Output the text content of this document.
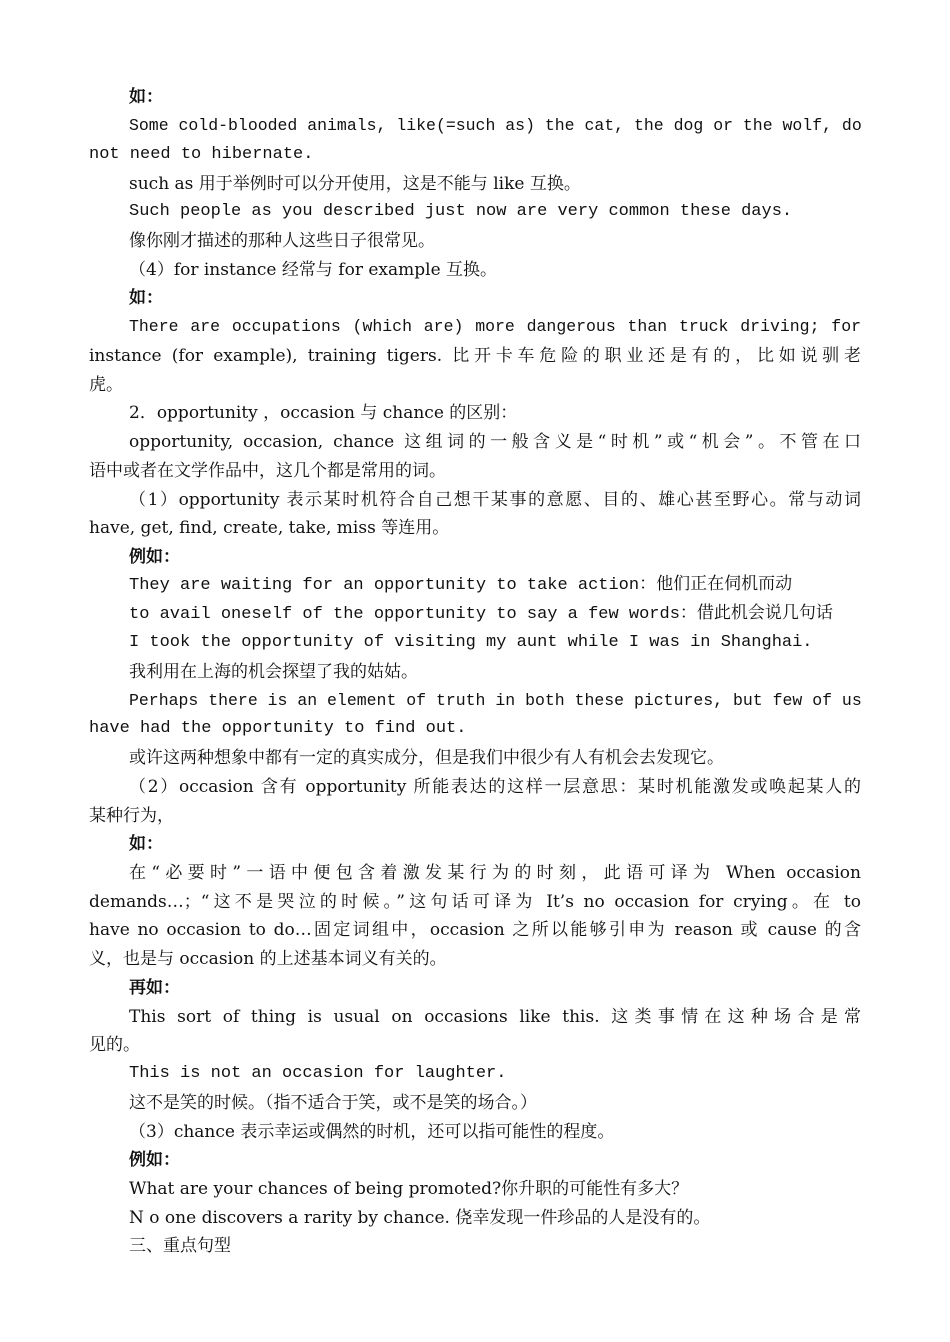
如：
Some cold-blooded animals, like(=such as) the cat, the dog or the wolf, do
not need to hibernate.
such as 用于举例时可以分开使用，这是不能与 like 互换。
Such people as you described just now are very common these days.
像你刚才描述的那种人这些日子很常见。
（4）for instance 经常与 for example 互换。
如：
There are occupations (which are) more dangerous than truck driving; for
instance (for example), training tigers. 比开卡车危险的职业还是有的，比如说驯老
虎。
2．opportunity ，occasion 与 chance 的区别：
opportunity, occasion, chance 这组词的一般含义是“时机”或“机会”。不管在口
语中或者在文学作品中，这几个都是常用的词。
（1）opportunity 表示某时机符合自己想干某事的意愿、目的、雄心甚至野心。常与动词
have, get, find, create, take, miss 等连用。
例如：
They are waiting for an opportunity to take action：他们正在伺机而动
to avail oneself of the opportunity to say a few words：借此机会说几句话
I took the opportunity of visiting my aunt while I was in Shanghai.
我利用在上海的机会探望了我的姑姑。
Perhaps there is an element of truth in both these pictures, but few of us
have had the opportunity to find out.
或许这两种想象中都有一定的真实成分，但是我们中很少有人有机会去发现它。
（2）occasion 含有 opportunity 所能表达的这样一层意思：某时机能激发或唤起某人的
某种行为，
如：
在“必要时”一语中便包含着激发某行为的时刻，此语可译为 When occasion
demands…；“这不是哭泣的时候。”这句话可译为 It’s no occasion for crying。在 to
have no occasion to do…固定词组中，occasion 之所以能够引申为 reason 或 cause 的含
义，也是与 occasion 的上述基本词义有关的。
再如：
This sort of thing is usual on occasions like this. 这类事情在这种场合是常
见的。
This is not an occasion for laughter.
这不是笑的时候。（指不适合于笑，或不是笑的场合。）
（3）chance 表示幸运或偶然的时机，还可以指可能性的程度。
例如：
What are your chances of being promoted?你升职的可能性有多大？
N o one discovers a rarity by chance. 侥幸发现一件珍品的人是没有的。
三、重点句型
